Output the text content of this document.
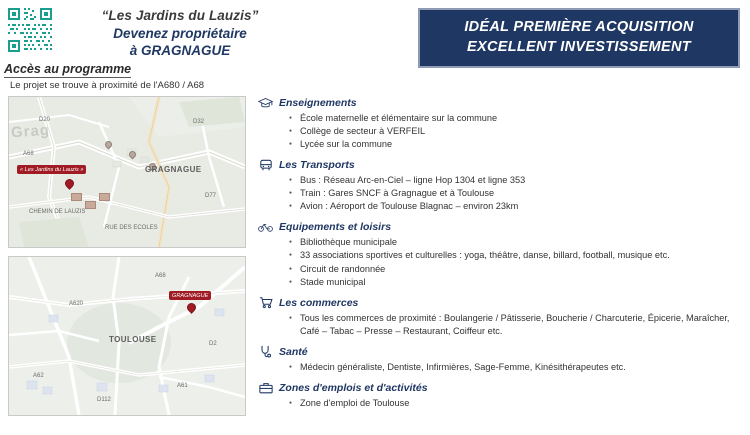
“Les Jardins du Lauzis”
Devenez propriétaire
à GRAGNAGUE
IDÉAL PREMIÈRE ACQUISITION
EXCELLENT INVESTISSEMENT
Accès au programme
Le projet se trouve à proximité de l'A680 / A68
Grag
« Les Jardins du Lauzis »	GRAGNAGUE
D20	D32
A68
D77
RUE DES ECOLES
CHEMIN DE LAUZIS
GRAGNAGUE
TOULOUSE
A68
A61
A62
A620
D2
D112
Enseignements
● École maternelle et élémentaire sur la commune
● Collège de secteur à VERFEIL
● Lycée sur la commune
Les Transports
● Bus : Réseau Arc-en-Ciel – ligne Hop 1304 et ligne 353
● Train : Gares SNCF à Gragnague et à Toulouse
● Avion : Aéroport de Toulouse Blagnac – environ 23km
Equipements et loisirs
● Bibliothèque municipale
● 33 associations sportives et culturelles : yoga, théâtre, danse, billard, football, musique etc.
● Circuit de randonnée
● Stade municipal
Les commerces
● Tous les commerces de proximité : Boulangerie / Pâtisserie, Boucherie / Charcuterie, Épicerie, Maraîcher,
Café – Tabac – Presse – Restaurant, Coiffeur etc.
Santé
● Médecin généraliste, Dentiste, Infirmières, Sage-Femme, Kinésithérapeutes etc.
Zones d'emplois et d'activités
● Zone d'emploi de Toulouse
